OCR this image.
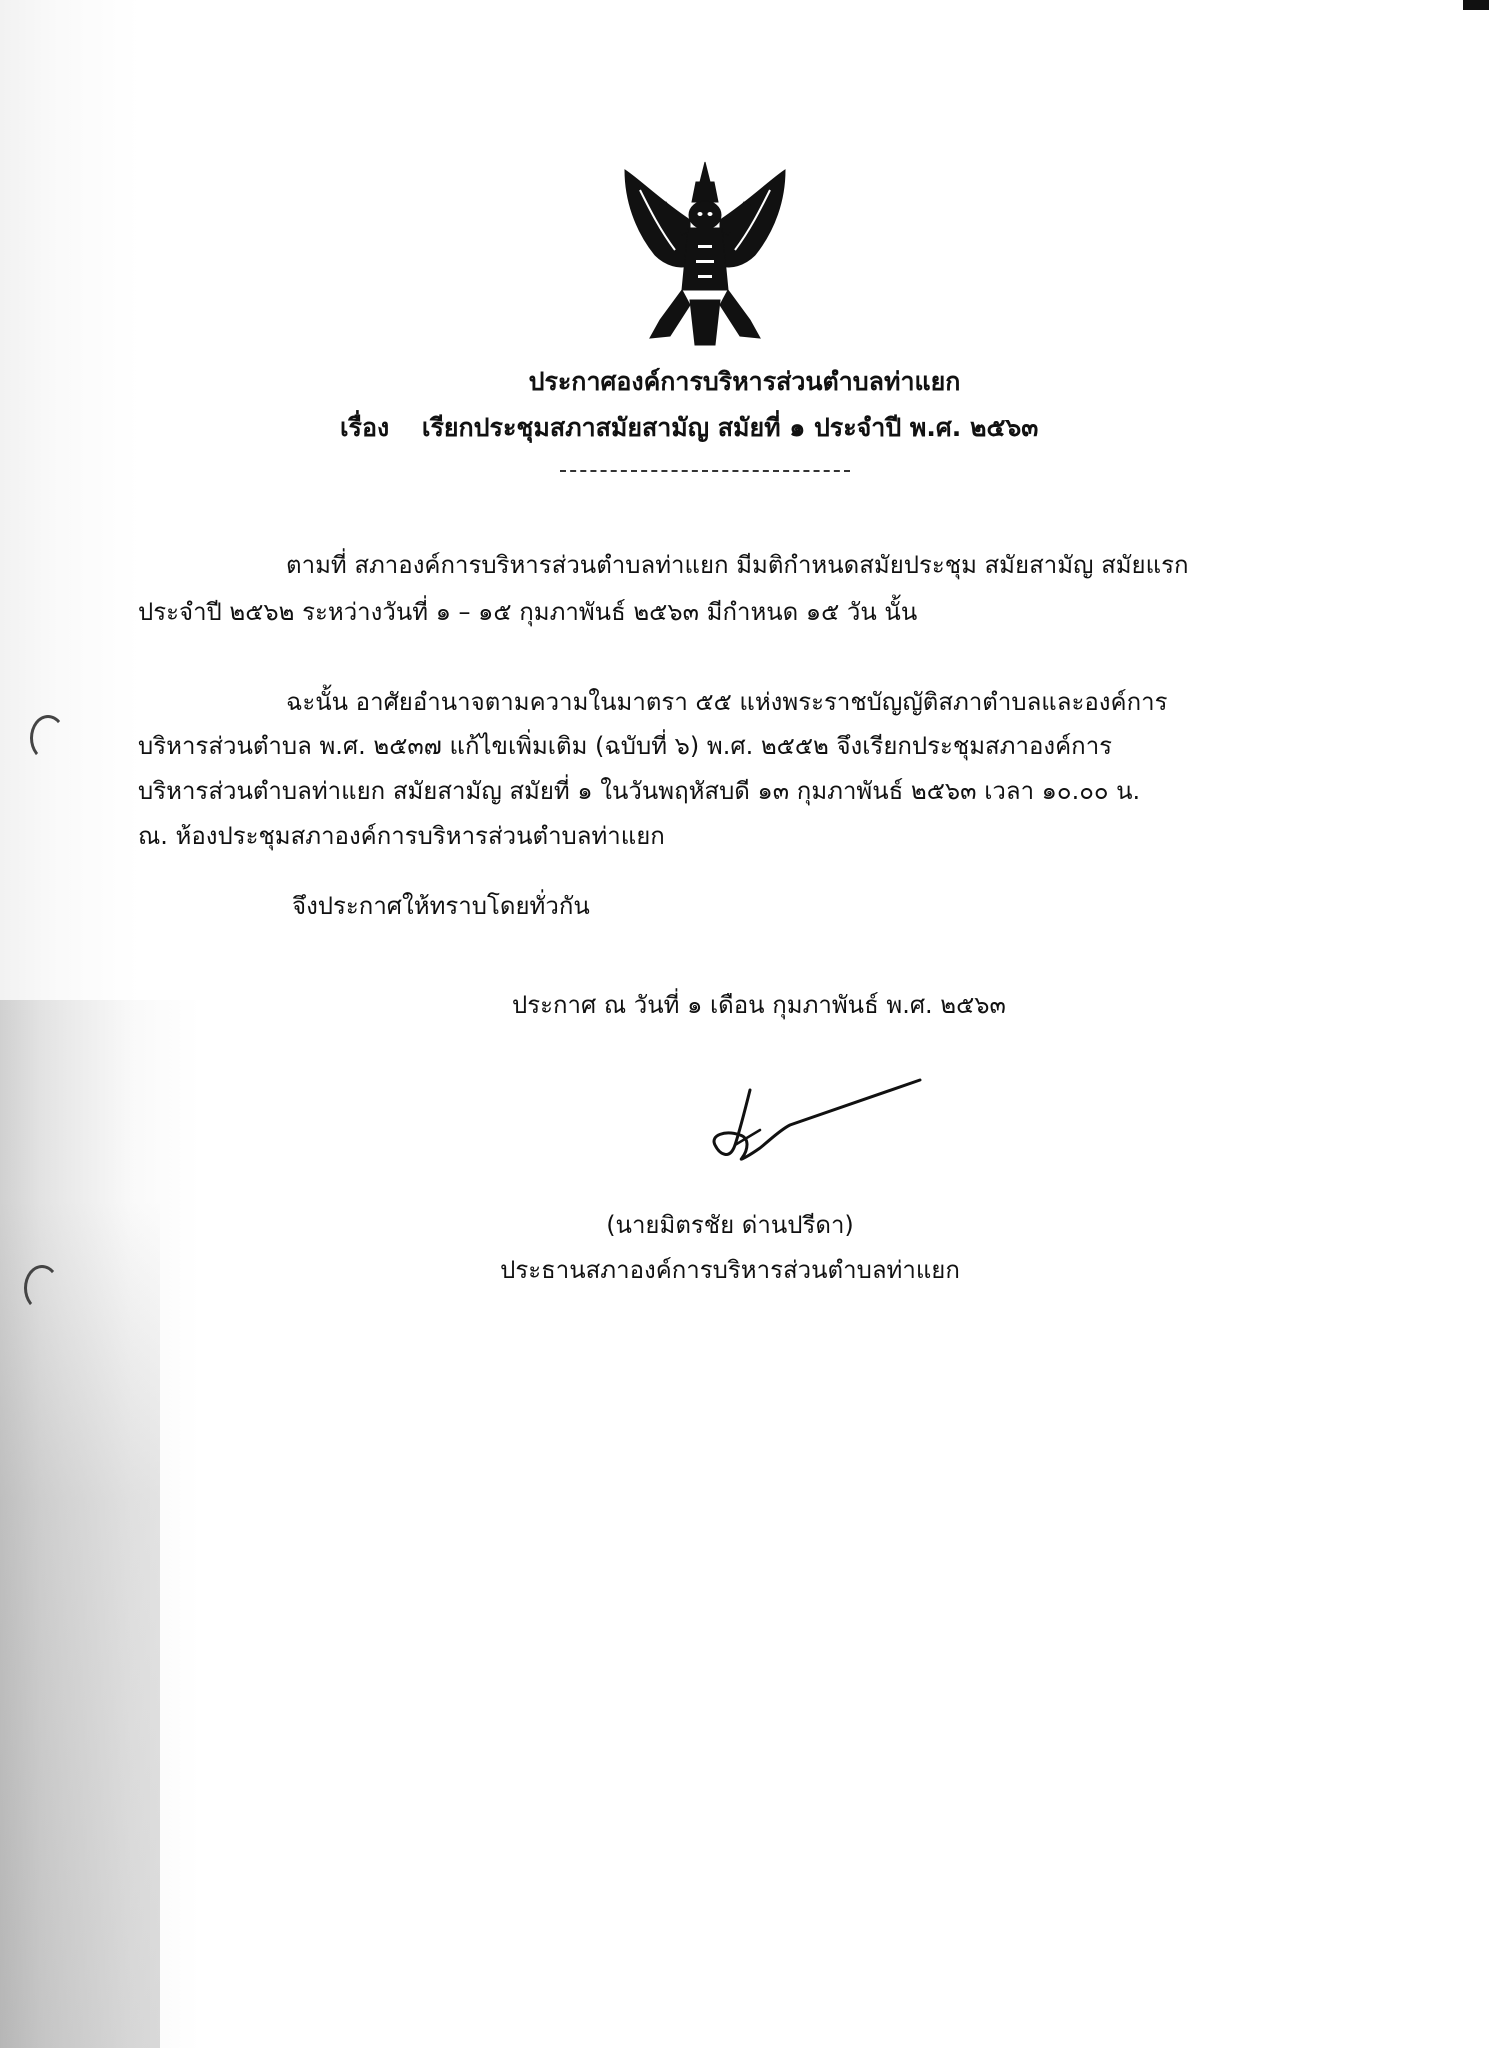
ประกาศองค์การบริหารส่วนตำบลท่าแยก
เรื่อง เรียกประชุมสภาสมัยสามัญ สมัยที่ ๑ ประจำปี พ.ศ. ๒๕๖๓
ตามที่ สภาองค์การบริหารส่วนตำบลท่าแยก มีมติกำหนดสมัยประชุม สมัยสามัญ สมัยแรก
ประจำปี ๒๕๖๒ ระหว่างวันที่ ๑ – ๑๕ กุมภาพันธ์ ๒๕๖๓ มีกำหนด ๑๕ วัน นั้น
ฉะนั้น อาศัยอำนาจตามความในมาตรา ๕๕ แห่งพระราชบัญญัติสภาตำบลและองค์การ
บริหารส่วนตำบล พ.ศ. ๒๕๓๗ แก้ไขเพิ่มเติม (ฉบับที่ ๖) พ.ศ. ๒๕๕๒ จึงเรียกประชุมสภาองค์การ
บริหารส่วนตำบลท่าแยก สมัยสามัญ สมัยที่ ๑ ในวันพฤหัสบดี ๑๓ กุมภาพันธ์ ๒๕๖๓ เวลา ๑๐.๐๐ น.
ณ. ห้องประชุมสภาองค์การบริหารส่วนตำบลท่าแยก
จึงประกาศให้ทราบโดยทั่วกัน
ประกาศ ณ วันที่ ๑ เดือน กุมภาพันธ์ พ.ศ. ๒๕๖๓
(นายมิตรชัย ด่านปรีดา)
ประธานสภาองค์การบริหารส่วนตำบลท่าแยก
